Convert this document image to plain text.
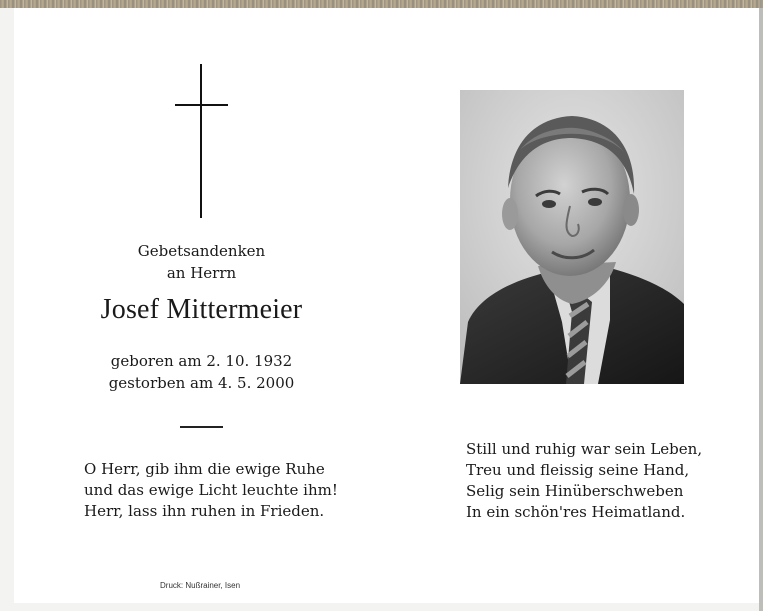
Gebetsandenken
an Herrn
Josef Mittermeier
geboren am 2. 10. 1932
gestorben am 4. 5. 2000
O Herr, gib ihm die ewige Ruhe
und das ewige Licht leuchte ihm!
Herr, lass ihn ruhen in Frieden.
Still und ruhig war sein Leben,
Treu und fleissig seine Hand,
Selig sein Hinüberschweben
In ein schön'res Heimatland.
Druck: Nußrainer, Isen
